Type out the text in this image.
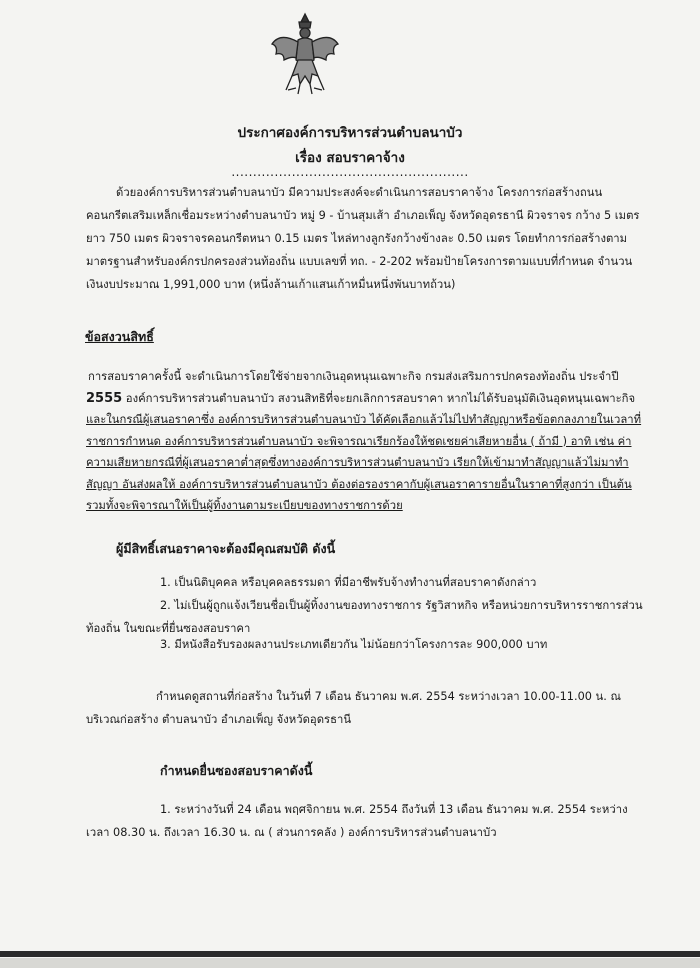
ประกาศองค์การบริหารส่วนตำบลนาบัว
เรื่อง สอบราคาจ้าง
.......................................................
ด้วยองค์การบริหารส่วนตำบลนาบัว มีความประสงค์จะดำเนินการสอบราคาจ้าง โครงการก่อสร้างถนนคอนกรีตเสริมเหล็กเชื่อมระหว่างตำบลนาบัว หมู่ 9 - บ้านสุมเส้า อำเภอเพ็ญ จังหวัดอุดรธานี ผิวจราจร กว้าง 5 เมตร ยาว 750 เมตร ผิวจราจรคอนกรีตหนา 0.15 เมตร ไหล่ทางลูกรังกว้างข้างละ 0.50 เมตร โดยทำการก่อสร้างตามมาตรฐานสำหรับองค์กรปกครองส่วนท้องถิ่น แบบเลขที่ ทถ. - 2-202 พร้อมป้ายโครงการตามแบบที่กำหนด จำนวนเงินงบประมาณ 1,991,000 บาท (หนึ่งล้านเก้าแสนเก้าหมื่นหนึ่งพันบาทถ้วน)
ข้อสงวนสิทธิ์
การสอบราคาครั้งนี้ จะดำเนินการโดยใช้จ่ายจากเงินอุดหนุนเฉพาะกิจ กรมส่งเสริมการปกครองท้องถิ่น ประจำปี 2555 องค์การบริหารส่วนตำบลนาบัว สงวนสิทธิที่จะยกเลิกการสอบราคา หากไม่ได้รับอนุมัติเงินอุดหนุนเฉพาะกิจ และในกรณีผู้เสนอราคาซึ่ง องค์การบริหารส่วนตำบลนาบัว ได้คัดเลือกแล้วไม่ไปทำสัญญาหรือข้อตกลงภายในเวลาที่ราชการกำหนด องค์การบริหารส่วนตำบลนาบัว จะพิจารณาเรียกร้องให้ชดเชยค่าเสียหายอื่น ( ถ้ามี ) อาทิ เช่น ค่าความเสียหายกรณีที่ผู้เสนอราคาต่ำสุดซึ่งทางองค์การบริหารส่วนตำบลนาบัว เรียกให้เข้ามาทำสัญญาแล้วไม่มาทำสัญญา อันส่งผลให้ องค์การบริหารส่วนตำบลนาบัว ต้องต่อรองราคากับผู้เสนอราคารายอื่นในราคาที่สูงกว่า เป็นต้น รวมทั้งจะพิจารณาให้เป็นผู้ทิ้งงานตามระเบียบของทางราชการด้วย
ผู้มีสิทธิ์เสนอราคาจะต้องมีคุณสมบัติ ดังนี้
1. เป็นนิติบุคคล หรือบุคคลธรรมดา ที่มีอาชีพรับจ้างทำงานที่สอบราคาดังกล่าว
2. ไม่เป็นผู้ถูกแจ้งเวียนชื่อเป็นผู้ทิ้งงานของทางราชการ รัฐวิสาหกิจ หรือหน่วยการบริหารราชการส่วนท้องถิ่น ในขณะที่ยื่นซองสอบราคา
3. มีหนังสือรับรองผลงานประเภทเดียวกัน ไม่น้อยกว่าโครงการละ 900,000 บาท
กำหนดดูสถานที่ก่อสร้าง ในวันที่ 7 เดือน ธันวาคม พ.ศ. 2554 ระหว่างเวลา 10.00-11.00 น. ณ บริเวณก่อสร้าง ตำบลนาบัว อำเภอเพ็ญ จังหวัดอุดรธานี
กำหนดยื่นซองสอบราคาดังนี้
1. ระหว่างวันที่ 24 เดือน พฤศจิกายน พ.ศ. 2554 ถึงวันที่ 13 เดือน ธันวาคม พ.ศ. 2554 ระหว่างเวลา 08.30 น. ถึงเวลา 16.30 น. ณ ( ส่วนการคลัง ) องค์การบริหารส่วนตำบลนาบัว
